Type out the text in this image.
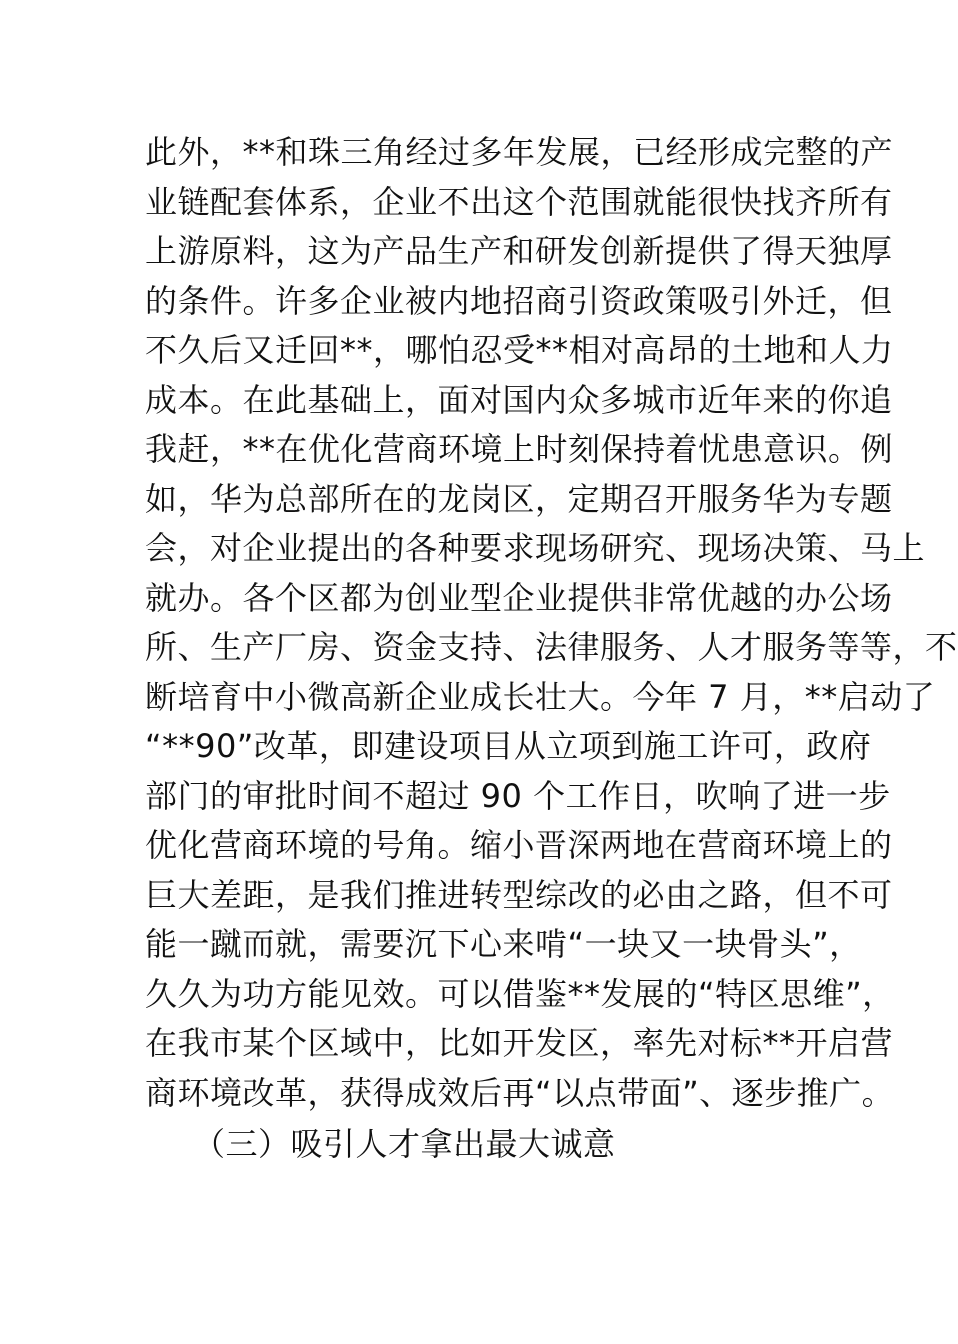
此外，**和珠三角经过多年发展，已经形成完整的产
业链配套体系，企业不出这个范围就能很快找齐所有
上游原料，这为产品生产和研发创新提供了得天独厚
的条件。许多企业被内地招商引资政策吸引外迁，但
不久后又迁回**，哪怕忍受**相对高昂的土地和人力
成本。在此基础上，面对国内众多城市近年来的你追
我赶，**在优化营商环境上时刻保持着忧患意识。例
如，华为总部所在的龙岗区，定期召开服务华为专题
会，对企业提出的各种要求现场研究、现场决策、马上
就办。各个区都为创业型企业提供非常优越的办公场
所、生产厂房、资金支持、法律服务、人才服务等等，不
断培育中小微高新企业成长壮大。今年 7 月，**启动了
“**90”改革，即建设项目从立项到施工许可，政府
部门的审批时间不超过 90 个工作日，吹响了进一步
优化营商环境的号角。缩小晋深两地在营商环境上的
巨大差距，是我们推进转型综改的必由之路，但不可
能一蹴而就，需要沉下心来啃“一块又一块骨头”，
久久为功方能见效。可以借鉴**发展的“特区思维”，
在我市某个区域中，比如开发区，率先对标**开启营
商环境改革，获得成效后再“以点带面”、逐步推广。
（三）吸引人才拿出最大诚意
